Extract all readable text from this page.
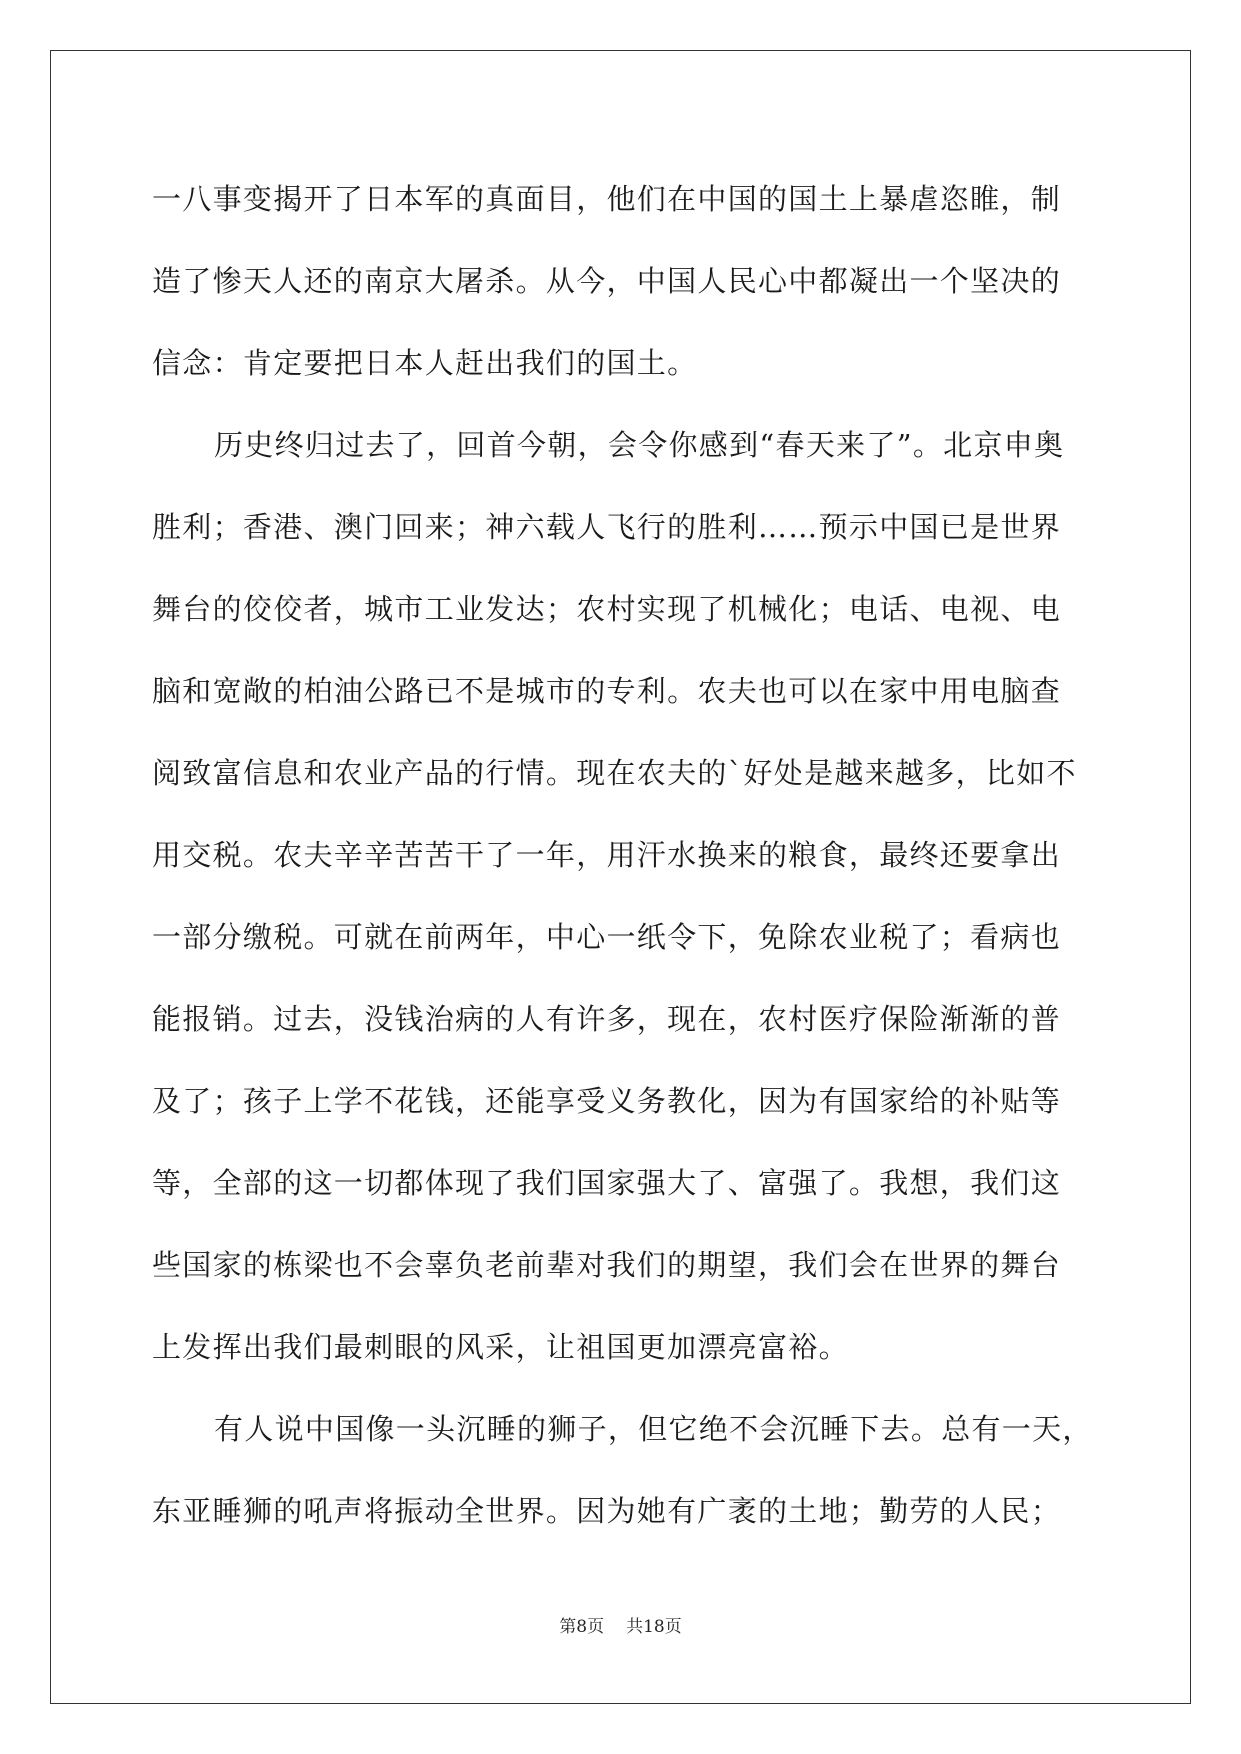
一八事变揭开了日本军的真面目，他们在中国的国土上暴虐恣睢，制
造了惨天人还的南京大屠杀。从今，中国人民心中都凝出一个坚决的
信念：肯定要把日本人赶出我们的国土。
历史终归过去了，回首今朝，会令你感到“春天来了”。北京申奥
胜利；香港、澳门回来；神六载人飞行的胜利……预示中国已是世界
舞台的佼佼者，城市工业发达；农村实现了机械化；电话、电视、电
脑和宽敞的柏油公路已不是城市的专利。农夫也可以在家中用电脑查
阅致富信息和农业产品的行情。现在农夫的`好处是越来越多，比如不
用交税。农夫辛辛苦苦干了一年，用汗水换来的粮食，最终还要拿出
一部分缴税。可就在前两年，中心一纸令下，免除农业税了；看病也
能报销。过去，没钱治病的人有许多，现在，农村医疗保险渐渐的普
及了；孩子上学不花钱，还能享受义务教化，因为有国家给的补贴等
等，全部的这一切都体现了我们国家强大了、富强了。我想，我们这
些国家的栋梁也不会辜负老前辈对我们的期望，我们会在世界的舞台
上发挥出我们最刺眼的风采，让祖国更加漂亮富裕。
有人说中国像一头沉睡的狮子，但它绝不会沉睡下去。总有一天，
东亚睡狮的吼声将振动全世界。因为她有广袤的土地；勤劳的人民；
第8页 共18页
